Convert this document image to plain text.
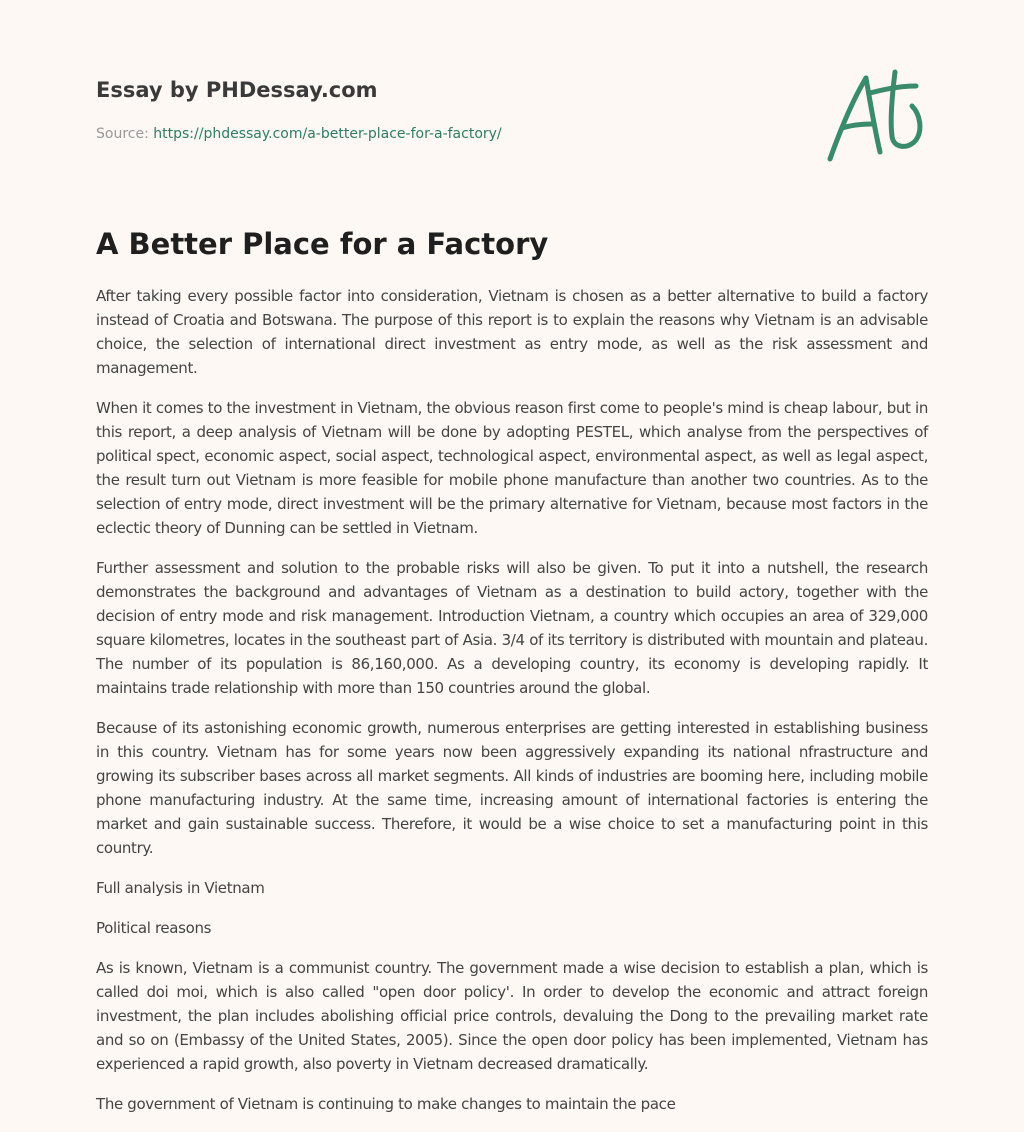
Essay by PHDessay.com
Source: https://phdessay.com/a-better-place-for-a-factory/
A Better Place for a Factory

After taking every possible factor into consideration, Vietnam is chosen as a better alternative to build a factory instead of Croatia and Botswana. The purpose of this report is to explain the reasons why Vietnam is an advisable choice, the selection of international direct investment as entry mode, as well as the risk assessment and management.

When it comes to the investment in Vietnam, the obvious reason first come to people's mind is cheap labour, but in this report, a deep analysis of Vietnam will be done by adopting PESTEL, which analyse from the perspectives of political spect, economic aspect, social aspect, technological aspect, environmental aspect, as well as legal aspect, the result turn out Vietnam is more feasible for mobile phone manufacture than another two countries. As to the selection of entry mode, direct investment will be the primary alternative for Vietnam, because most factors in the eclectic theory of Dunning can be settled in Vietnam.

Further assessment and solution to the probable risks will also be given. To put it into a nutshell, the research demonstrates the background and advantages of Vietnam as a destination to build actory, together with the decision of entry mode and risk management. Introduction Vietnam, a country which occupies an area of 329,000 square kilometres, locates in the southeast part of Asia. 3/4 of its territory is distributed with mountain and plateau. The number of its population is 86,160,000. As a developing country, its economy is developing rapidly. It maintains trade relationship with more than 150 countries around the global.

Because of its astonishing economic growth, numerous enterprises are getting interested in establishing business in this country. Vietnam has for some years now been aggressively expanding its national nfrastructure and growing its subscriber bases across all market segments. All kinds of industries are booming here, including mobile phone manufacturing industry. At the same time, increasing amount of international factories is entering the market and gain sustainable success. Therefore, it would be a wise choice to set a manufacturing point in this country.

Full analysis in Vietnam

Political reasons

As is known, Vietnam is a communist country. The government made a wise decision to establish a plan, which is called doi moi, which is also called "open door policy'. In order to develop the economic and attract foreign investment, the plan includes abolishing official price controls, devaluing the Dong to the prevailing market rate and so on (Embassy of the United States, 2005). Since the open door policy has been implemented, Vietnam has experienced a rapid growth, also poverty in Vietnam decreased dramatically.

The government of Vietnam is continuing to make changes to maintain the pace
